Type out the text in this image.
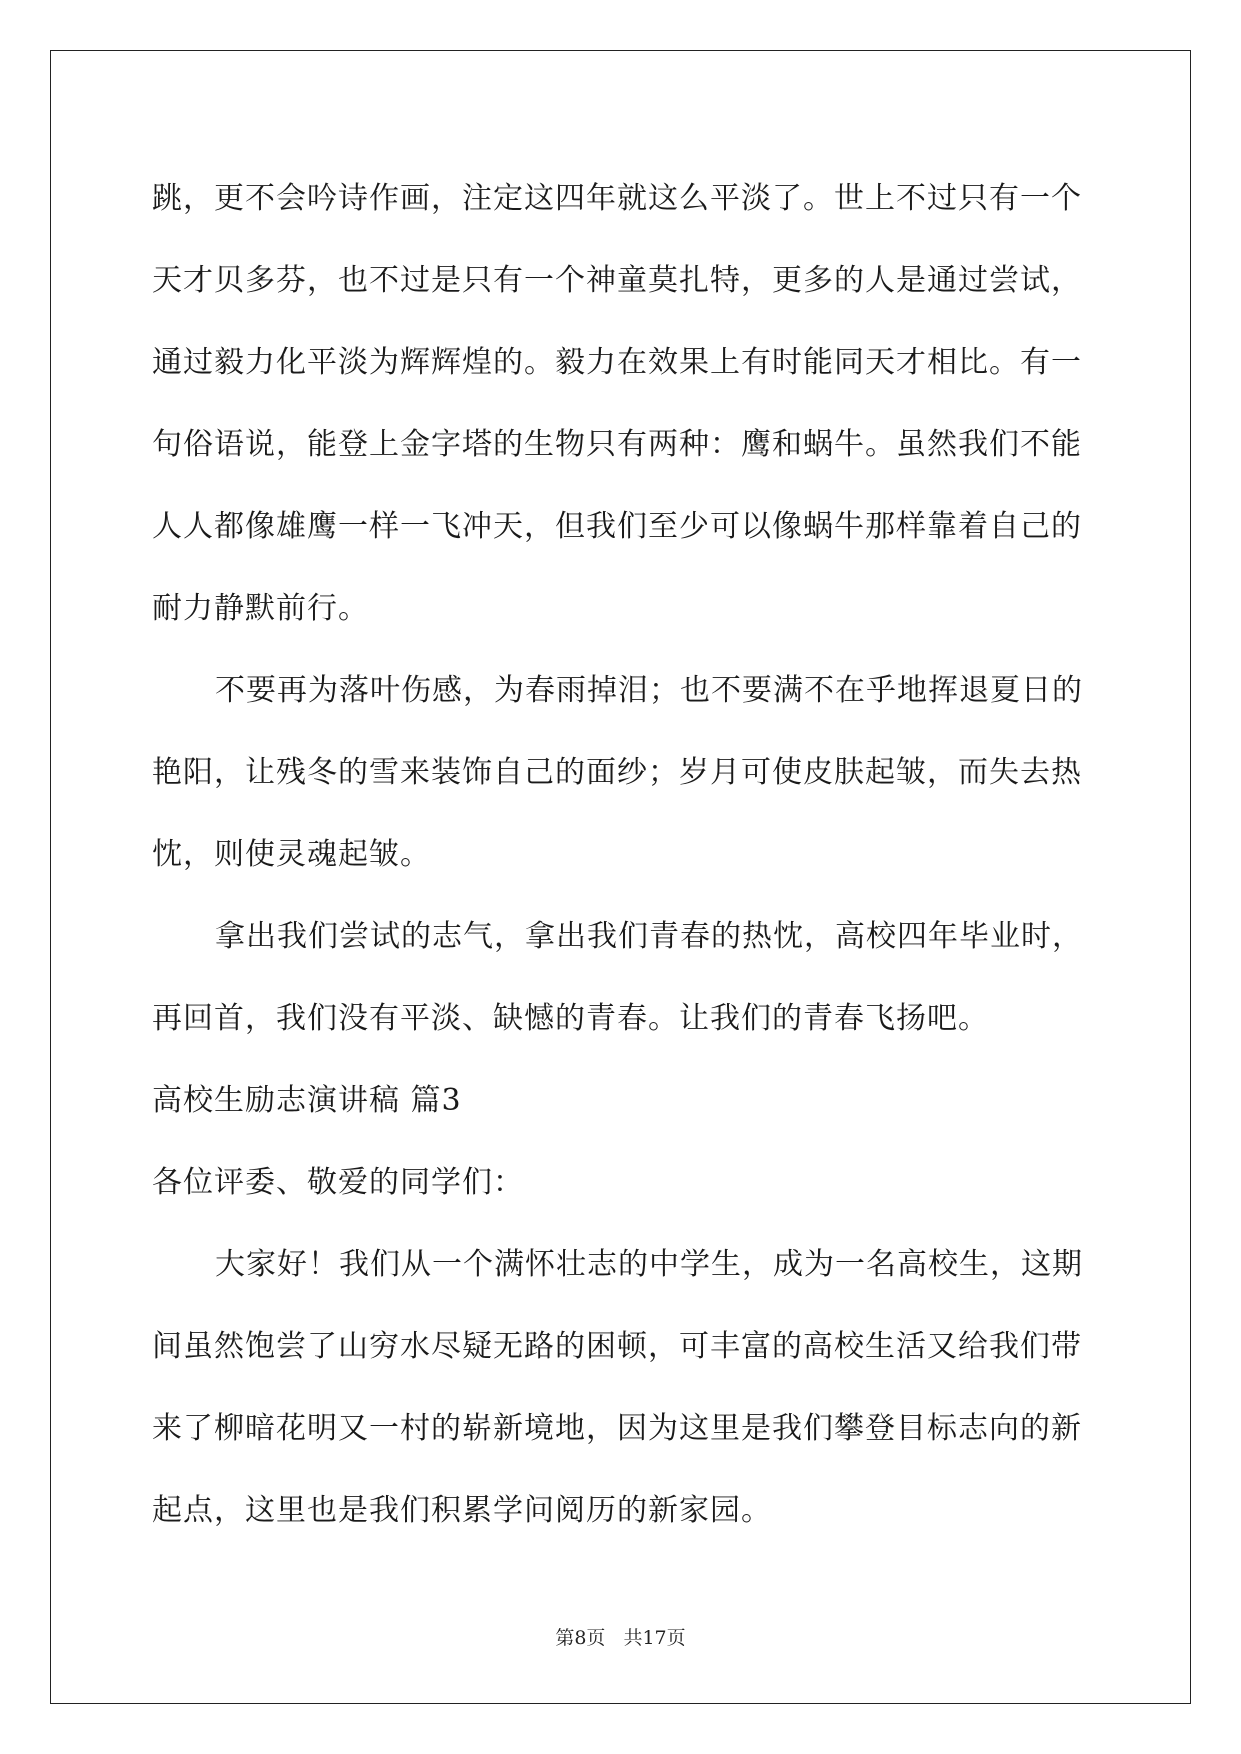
跳，更不会吟诗作画，注定这四年就这么平淡了。世上不过只有一个
天才贝多芬，也不过是只有一个神童莫扎特，更多的人是通过尝试，
通过毅力化平淡为辉辉煌的。毅力在效果上有时能同天才相比。有一
句俗语说，能登上金字塔的生物只有两种：鹰和蜗牛。虽然我们不能
人人都像雄鹰一样一飞冲天，但我们至少可以像蜗牛那样靠着自己的
耐力静默前行。
不要再为落叶伤感，为春雨掉泪；也不要满不在乎地挥退夏日的
艳阳，让残冬的雪来装饰自己的面纱；岁月可使皮肤起皱，而失去热
忱，则使灵魂起皱。
拿出我们尝试的志气，拿出我们青春的热忱，高校四年毕业时，
再回首，我们没有平淡、缺憾的青春。让我们的青春飞扬吧。
高校生励志演讲稿 篇3
各位评委、敬爱的同学们：
大家好！我们从一个满怀壮志的中学生，成为一名高校生，这期
间虽然饱尝了山穷水尽疑无路的困顿，可丰富的高校生活又给我们带
来了柳暗花明又一村的崭新境地，因为这里是我们攀登目标志向的新
起点，这里也是我们积累学问阅历的新家园。
第8页 共17页
